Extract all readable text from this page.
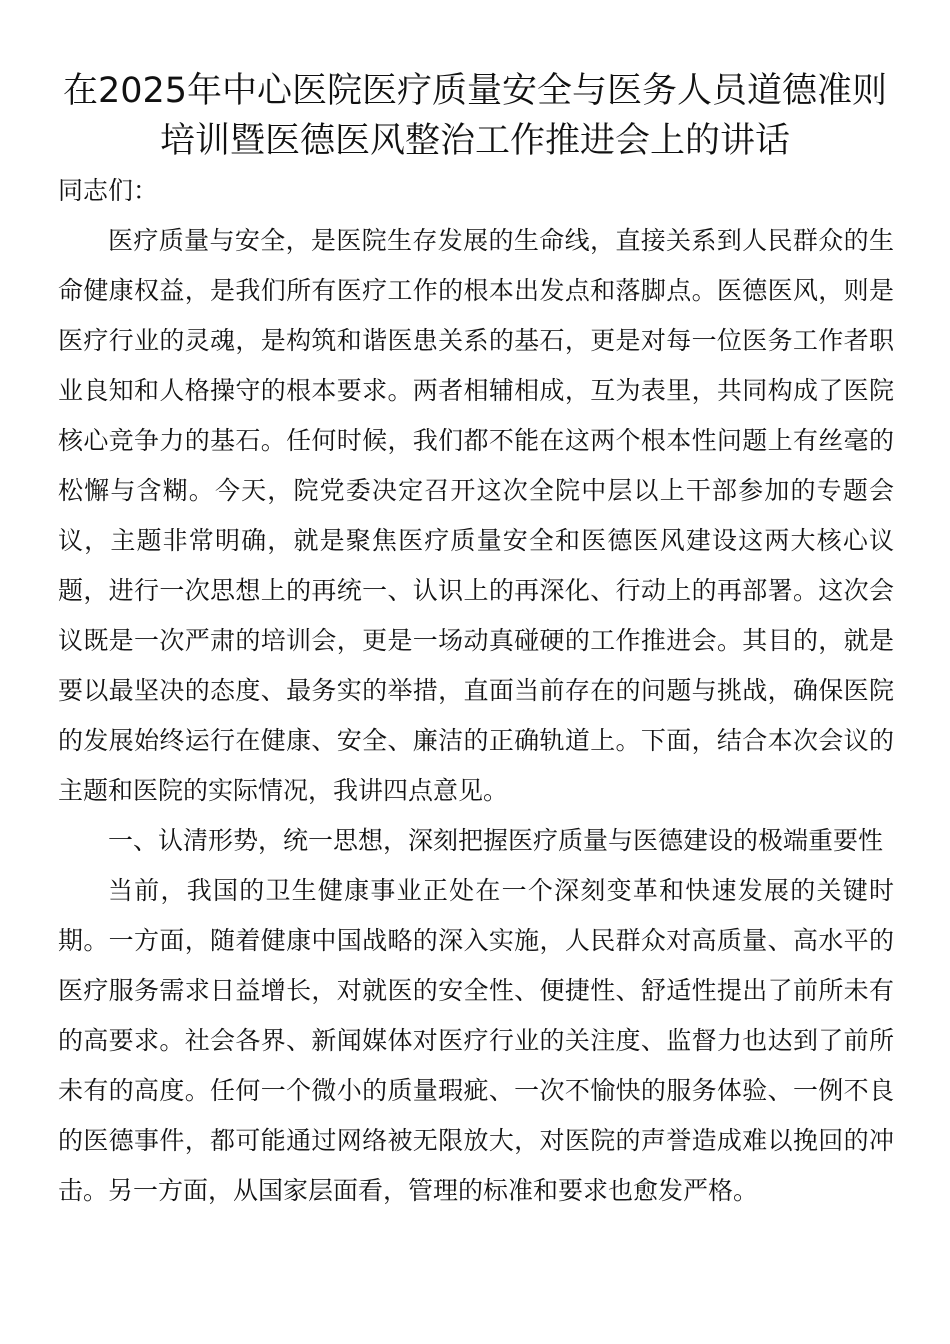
在2025年中心医院医疗质量安全与医务人员道德准则培训暨医德医风整治工作推进会上的讲话

同志们：

医疗质量与安全，是医院生存发展的生命线，直接关系到人民群众的生命健康权益，是我们所有医疗工作的根本出发点和落脚点。医德医风，则是医疗行业的灵魂，是构筑和谐医患关系的基石，更是对每一位医务工作者职业良知和人格操守的根本要求。两者相辅相成，互为表里，共同构成了医院核心竞争力的基石。任何时候，我们都不能在这两个根本性问题上有丝毫的松懈与含糊。今天，院党委决定召开这次全院中层以上干部参加的专题会议，主题非常明确，就是聚焦医疗质量安全和医德医风建设这两大核心议题，进行一次思想上的再统一、认识上的再深化、行动上的再部署。这次会议既是一次严肃的培训会，更是一场动真碰硬的工作推进会。其目的，就是要以最坚决的态度、最务实的举措，直面当前存在的问题与挑战，确保医院的发展始终运行在健康、安全、廉洁的正确轨道上。下面，结合本次会议的主题和医院的实际情况，我讲四点意见。

一、认清形势，统一思想，深刻把握医疗质量与医德建设的极端重要性

当前，我国的卫生健康事业正处在一个深刻变革和快速发展的关键时期。一方面，随着健康中国战略的深入实施，人民群众对高质量、高水平的医疗服务需求日益增长，对就医的安全性、便捷性、舒适性提出了前所未有的高要求。社会各界、新闻媒体对医疗行业的关注度、监督力也达到了前所未有的高度。任何一个微小的质量瑕疵、一次不愉快的服务体验、一例不良的医德事件，都可能通过网络被无限放大，对医院的声誉造成难以挽回的冲击。另一方面，从国家层面看，管理的标准和要求也愈发严格。
